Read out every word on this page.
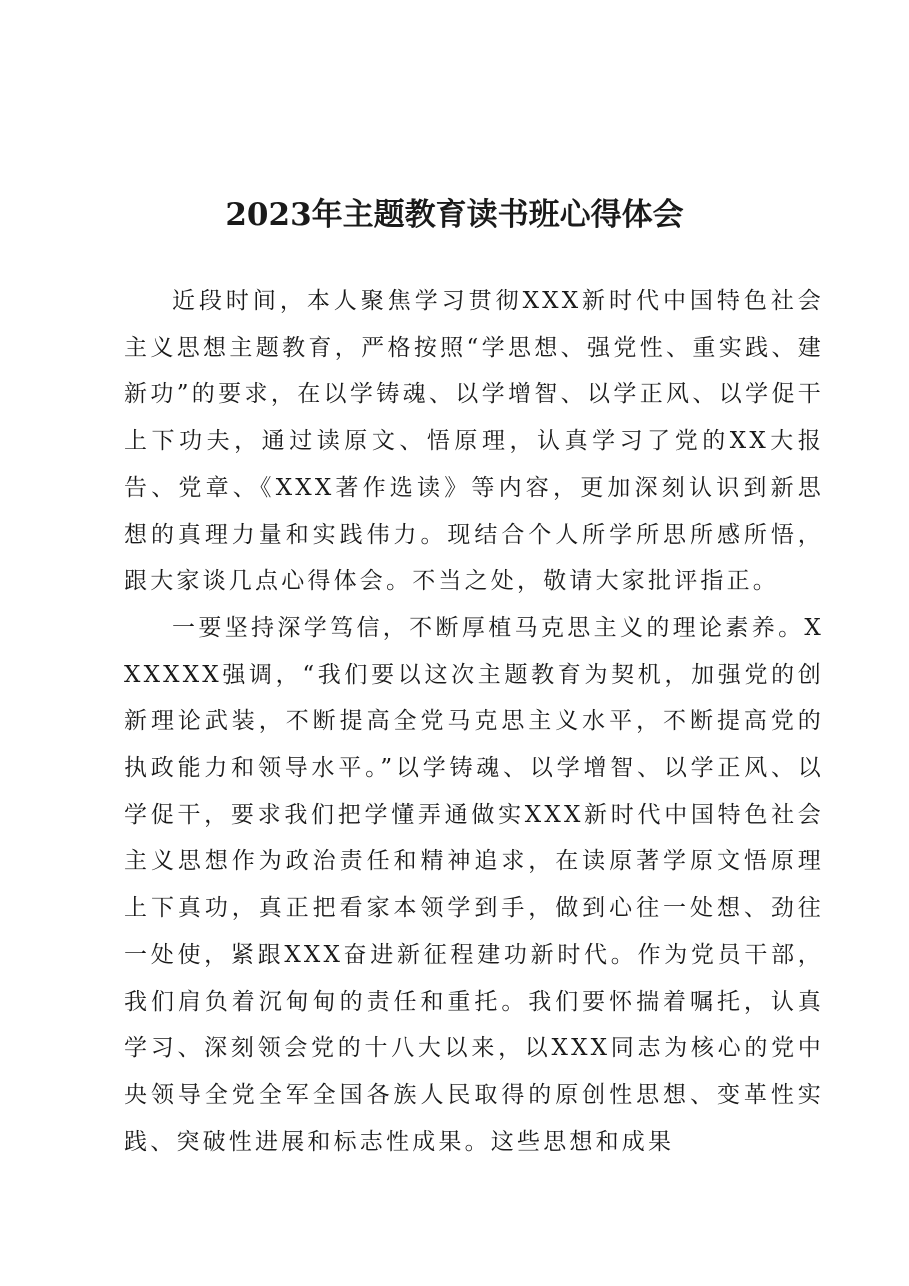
2023年主题教育读书班心得体会

近段时间，本人聚焦学习贯彻XXX新时代中国特色社会主义思想主题教育，严格按照“学思想、强党性、重实践、建新功”的要求，在以学铸魂、以学增智、以学正风、以学促干上下功夫，通过读原文、悟原理，认真学习了党的XX大报告、党章、《XXX著作选读》等内容，更加深刻认识到新思想的真理力量和实践伟力。现结合个人所学所思所感所悟，跟大家谈几点心得体会。不当之处，敬请大家批评指正。

一要坚持深学笃信，不断厚植马克思主义的理论素养。XXXXXX强调，“我们要以这次主题教育为契机，加强党的创新理论武装，不断提高全党马克思主义水平，不断提高党的执政能力和领导水平。”以学铸魂、以学增智、以学正风、以学促干，要求我们把学懂弄通做实XXX新时代中国特色社会主义思想作为政治责任和精神追求，在读原著学原文悟原理上下真功，真正把看家本领学到手，做到心往一处想、劲往一处使，紧跟XXX奋进新征程建功新时代。作为党员干部，我们肩负着沉甸甸的责任和重托。我们要怀揣着嘱托，认真学习、深刻领会党的十八大以来，以XXX同志为核心的党中央领导全党全军全国各族人民取得的原创性思想、变革性实践、突破性进展和标志性成果。这些思想和成果
